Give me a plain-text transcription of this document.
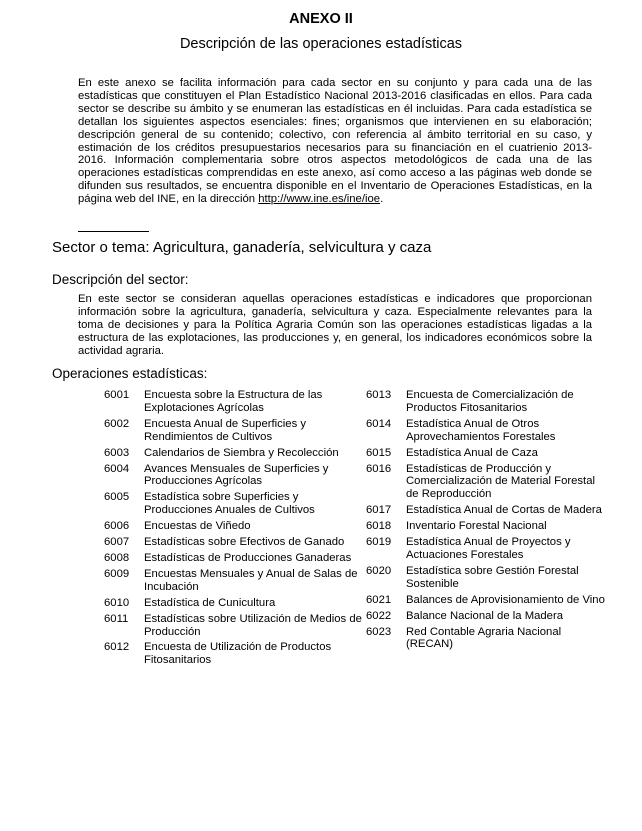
ANEXO II
Descripción de las operaciones estadísticas

En este anexo se facilita información para cada sector en su conjunto y para cada una de las estadísticas que constituyen el Plan Estadístico Nacional 2013-2016 clasificadas en ellos. Para cada sector se describe su ámbito y se enumeran las estadísticas en él incluidas. Para cada estadística se detallan los siguientes aspectos esenciales: fines; organismos que intervienen en su elaboración; descripción general de su contenido; colectivo, con referencia al ámbito territorial en su caso, y estimación de los créditos presupuestarios necesarios para su financiación en el cuatrienio 2013-2016. Información complementaria sobre otros aspectos metodológicos de cada una de las operaciones estadísticas comprendidas en este anexo, así como acceso a las páginas web donde se difunden sus resultados, se encuentra disponible en el Inventario de Operaciones Estadísticas, en la página web del INE, en la dirección http://www.ine.es/ine/ioe.

Sector o tema: Agricultura, ganadería, selvicultura y caza
Descripción del sector:

En este sector se consideran aquellas operaciones estadísticas e indicadores que proporcionan información sobre la agricultura, ganadería, selvicultura y caza. Especialmente relevantes para la toma de decisiones y para la Política Agraria Común son las operaciones estadísticas ligadas a la estructura de las explotaciones, las producciones y, en general, los indicadores económicos sobre la actividad agraria.

Operaciones estadísticas:
6001	Encuesta sobre la Estructura de las Explotaciones Agrícolas
6002	Encuesta Anual de Superficies y Rendimientos de Cultivos
6003	Calendarios de Siembra y Recolección
6004	Avances Mensuales de Superficies y Producciones Agrícolas
6005	Estadística sobre Superficies y Producciones Anuales de Cultivos
6006	Encuestas de Viñedo
6007	Estadísticas sobre Efectivos de Ganado
6008	Estadísticas de Producciones Ganaderas
6009	Encuestas Mensuales y Anual de Salas de Incubación
6010	Estadística de Cunicultura
6011	Estadísticas sobre Utilización de Medios de Producción
6012	Encuesta de Utilización de Productos Fitosanitarios
6013	Encuesta de Comercialización de Productos Fitosanitarios
6014	Estadística Anual de Otros Aprovechamientos Forestales
6015	Estadística Anual de Caza
6016	Estadísticas de Producción y Comercialización de Material Forestal de Reproducción
6017	Estadística Anual de Cortas de Madera
6018	Inventario Forestal Nacional
6019	Estadística Anual de Proyectos y Actuaciones Forestales
6020	Estadística sobre Gestión Forestal Sostenible
6021	Balances de Aprovisionamiento de Vino
6022	Balance Nacional de la Madera
6023	Red Contable Agraria Nacional (RECAN)
